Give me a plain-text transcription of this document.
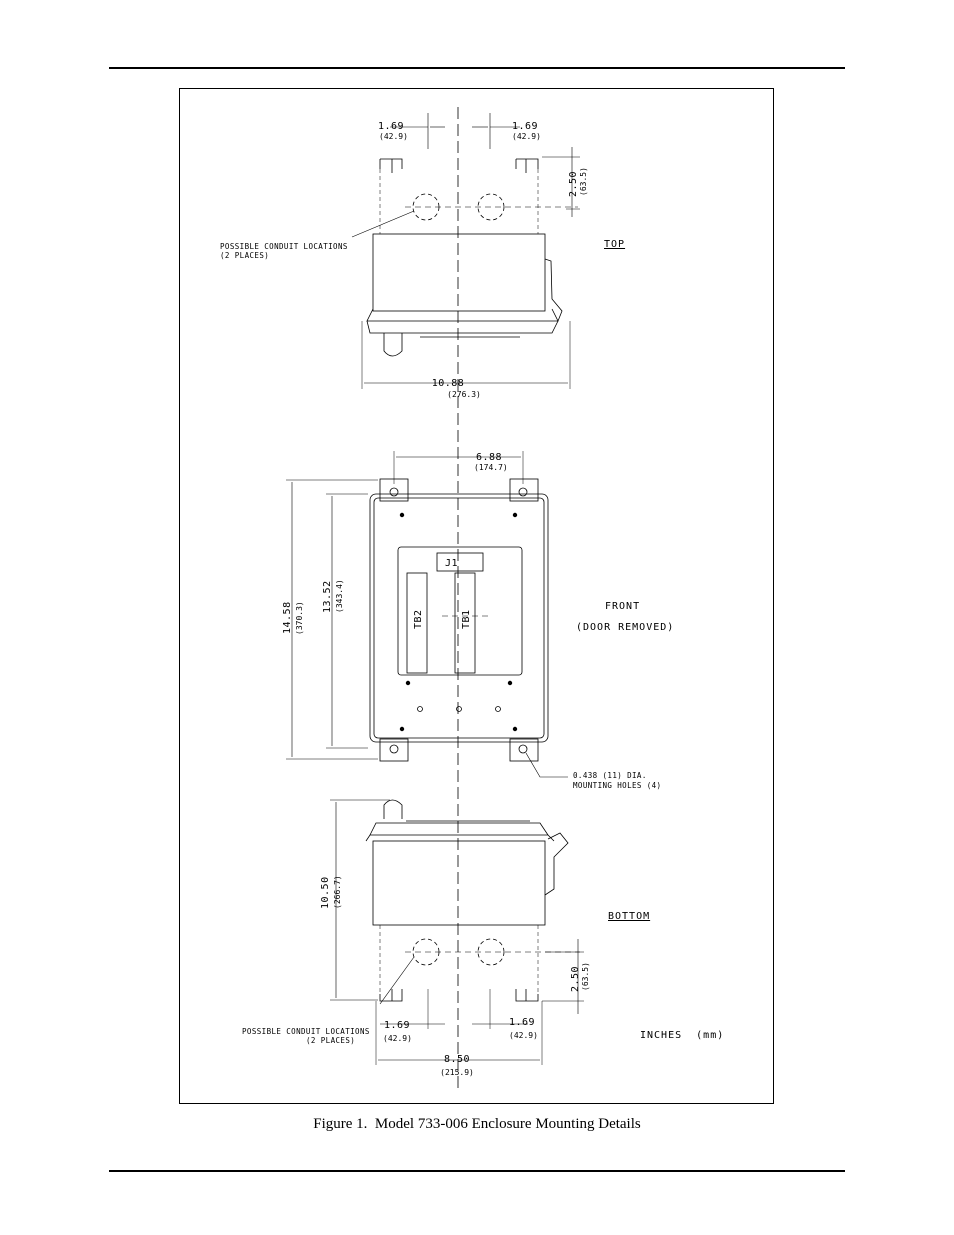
1.69
(42.9)
1.69
(42.9)
2.50 (63.5)
POSSIBLE CONDUIT LOCATIONS
(2 PLACES)
TOP
10.88
(276.3)
6.88
(174.7)
14.58 (370.3)
13.52 (343.4)
J1
TB2	TB1
FRONT
(DOOR REMOVED)
0.438 (11) DIA.
MOUNTING HOLES (4)
10.50 (266.7)
BOTTOM
2.50 (63.5)
POSSIBLE CONDUIT LOCATIONS
(2 PLACES)
1.69
(42.9)
1.69
(42.9)
8.50
(215.9)
INCHES  (mm)
Figure 1.  Model 733-006 Enclosure Mounting Details
